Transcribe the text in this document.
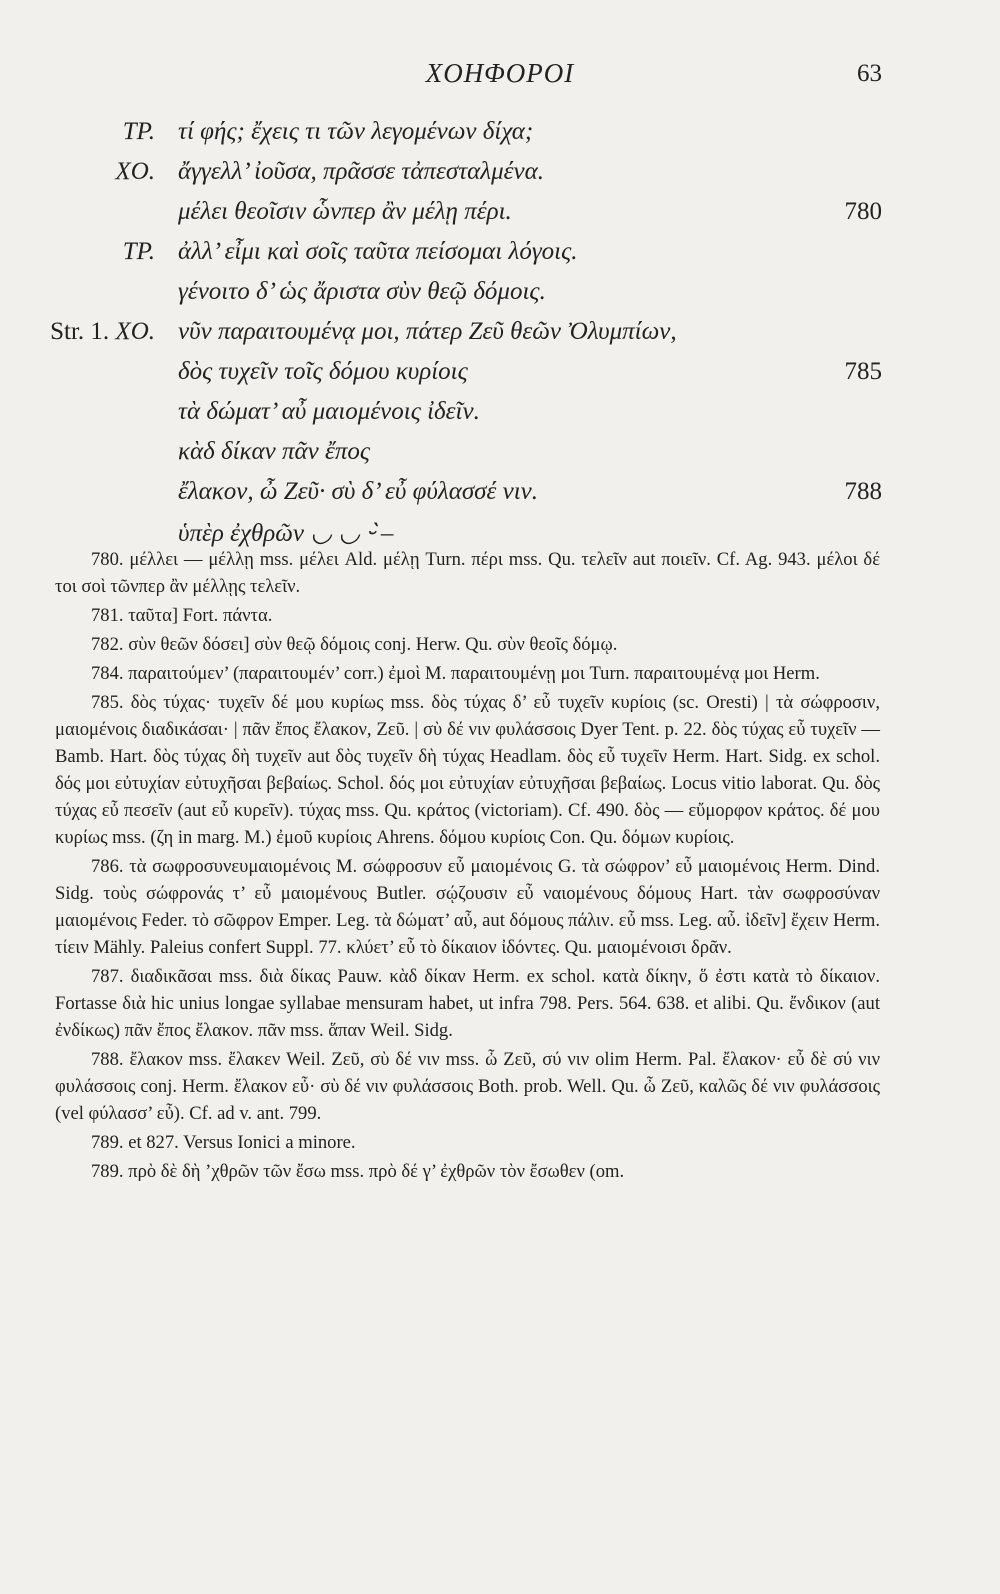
ΧΟΗΦΟΡΟΙ	63
ΤΡ. τί φής; ἔχεις τι τῶν λεγομένων δίχα;
ΧΟ. ἄγγελλ’ ἰοῦσα, πρᾶσσε τἀπεσταλμένα.
μέλει θεοῖσιν ὧνπερ ἂν μέλῃ πέρι.	780
ΤΡ. ἀλλ’ εἶμι καὶ σοῖς ταῦτα πείσομαι λόγοις.
γένοιτο δ’ ὡς ἄριστα σὺν θεῷ δόμοις.
Str. 1. ΧΟ. νῦν παραιτουμένᾳ μοι, πάτερ Ζεῦ θεῶν Ὀλυμπίων,
δὸς τυχεῖν τοῖς δόμου κυρίοις	785
τὰ δώματ’ αὖ μαιομένοις ἰδεῖν.
κὰδ δίκαν πᾶν ἔπος
ἔλακον, ὦ Ζεῦ· σὺ δ’ εὖ φύλασσέ νιν.	788
ὑπὲρ ἐχθρῶν ◡ ◡ ⏑́ –

780. μέλλει — μέλλῃ mss. μέλει Ald. μέλῃ Turn. πέρι mss. Qu. τελεῖν aut ποιεῖν. Cf. Ag. 943. μέλοι δέ τοι σοὶ τῶνπερ ἂν μέλλῃς τελεῖν.

781. ταῦτα] Fort. πάντα.

782. σὺν θεῶν δόσει] σὺν θεῷ δόμοις conj. Herw. Qu. σὺν θεοῖς δόμῳ.

784. παραιτούμεν’ (παραιτουμέν’ corr.) ἐμοὶ M. παραιτουμένῃ μοι Turn. παραιτουμένᾳ μοι Herm.

785. δὸς τύχας· τυχεῖν δέ μου κυρίως mss. δὸς τύχας δ’ εὖ τυχεῖν κυρίοις (sc. Oresti) | τὰ σώφροσιν, μαιομένοις διαδικάσαι· | πᾶν ἔπος ἔλακον, Ζεῦ. | σὺ δέ νιν φυλάσσοις Dyer Tent. p. 22. δὸς τύχας εὖ τυχεῖν — Bamb. Hart. δὸς τύχας δὴ τυχεῖν aut δὸς τυχεῖν δὴ τύχας Headlam. δὸς εὖ τυχεῖν Herm. Hart. Sidg. ex schol. δός μοι εὐτυχίαν εὐτυχῆσαι βεβαίως. Schol. δός μοι εὐτυχίαν εὐτυχῆσαι βεβαίως. Locus vitio laborat. Qu. δὸς τύχας εὖ πεσεῖν (aut εὖ κυρεῖν). τύχας mss. Qu. κράτος (victoriam). Cf. 490. δὸς — εὔμορφον κράτος. δέ μου κυρίως mss. (ζη in marg. M.) ἐμοῦ κυρίοις Ahrens. δόμου κυρίοις Con. Qu. δόμων κυρίοις.

786. τὰ σωφροσυνευμαιομένοις M. σώφροσυν εὖ μαιομένοις G. τὰ σώφρον’ εὖ μαιομένοις Herm. Dind. Sidg. τοὺς σώφρονάς τ’ εὖ μαιομένους Butler. σῴζουσιν εὖ ναιομένους δόμους Hart. τὰν σωφροσύναν μαιομένοις Feder. τὸ σῶφρον Emper. Leg. τὰ δώματ’ αὖ, aut δόμους πάλιν. εὖ mss. Leg. αὖ. ἰδεῖν] ἔχειν Herm. τίειν Mähly. Paleius confert Suppl. 77. κλύετ’ εὖ τὸ δίκαιον ἰδόντες. Qu. μαιομένοισι δρᾶν.

787. διαδικᾶσαι mss. διὰ δίκας Pauw. κὰδ δίκαν Herm. ex schol. κατὰ δίκην, ὅ ἐστι κατὰ τὸ δίκαιον. Fortasse διὰ hic unius longae syllabae mensuram habet, ut infra 798. Pers. 564. 638. et alibi. Qu. ἔνδικον (aut ἐνδίκως) πᾶν ἔπος ἔλακον. πᾶν mss. ἅπαν Weil. Sidg.

788. ἔλακον mss. ἔλακεν Weil. Ζεῦ, σὺ δέ νιν mss. ὦ Ζεῦ, σύ νιν olim Herm. Pal. ἔλακον· εὖ δὲ σύ νιν φυλάσσοις conj. Herm. ἔλακον εὖ· σὺ δέ νιν φυλάσσοις Both. prob. Well. Qu. ὦ Ζεῦ, καλῶς δέ νιν φυλάσσοις (vel φύλασσ’ εὖ). Cf. ad v. ant. 799.

789. et 827. Versus Ionici a minore.

789. πρὸ δὲ δὴ ’χθρῶν τῶν ἔσω mss. πρὸ δέ γ’ ἐχθρῶν τὸν ἔσωθεν (om.
